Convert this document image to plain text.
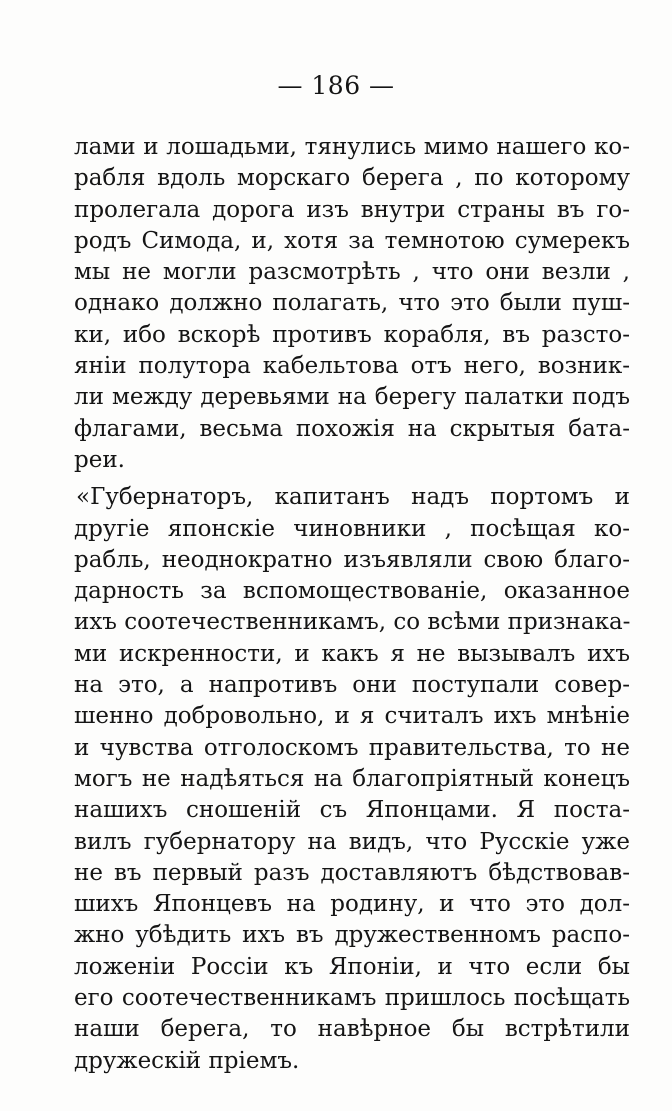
— 186 —
лами и лошадьми, тянулись мимо нашего ко-
рабля вдоль морскаго берега , по которому
пролегала дорога изъ внутри страны въ го-
родъ Симода, и, хотя за темнотою сумерекъ
мы не могли разсмотрѣть , что они везли ,
однако должно полагать, что это были пуш-
ки, ибо вскорѣ противъ корабля, въ разсто-
яніи полутора кабельтова отъ него, возник-
ли между деревьями на берегу палатки подъ
флагами, весьма похожія на скрытыя бата-
реи.
«Губернаторъ, капитанъ надъ портомъ и
другіе японскіе чиновники , посѣщая ко-
рабль, неоднократно изъявляли свою благо-
дарность за вспомоществованіе, оказанное
ихъ соотечественникамъ, со всѣми признака-
ми искренности, и какъ я не вызывалъ ихъ
на это, а напротивъ они поступали совер-
шенно добровольно, и я считалъ ихъ мнѣніе
и чувства отголоскомъ правительства, то не
могъ не надѣяться на благопріятный конецъ
нашихъ сношеній съ Японцами. Я поста-
вилъ губернатору на видъ, что Русскіе уже
не въ первый разъ доставляютъ бѣдствовав-
шихъ Японцевъ на родину, и что это дол-
жно убѣдить ихъ въ дружественномъ распо-
ложеніи Россіи къ Японіи, и что если бы
его соотечественникамъ пришлось посѣщать
наши берега, то навѣрное бы встрѣтили
дружескій пріемъ.
